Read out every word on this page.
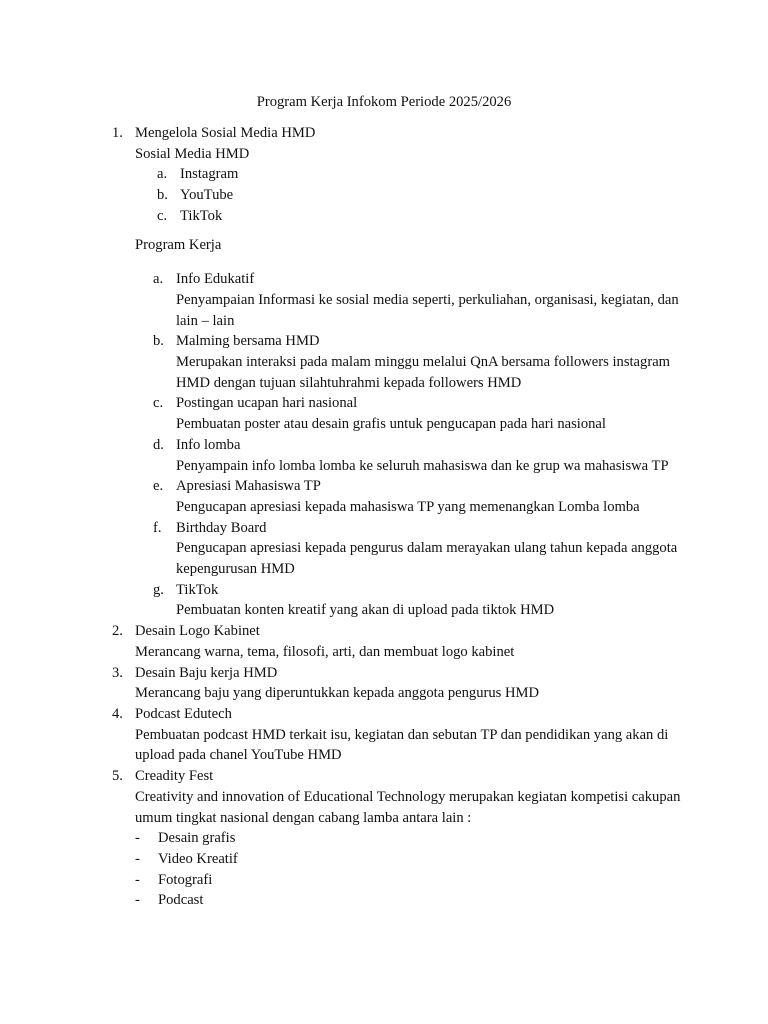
Program Kerja Infokom Periode 2025/2026
1. Mengelola Sosial Media HMD
Sosial Media HMD
a. Instagram
b. YouTube
c. TikTok
Program Kerja
a. Info Edukatif
Penyampaian Informasi ke sosial media seperti, perkuliahan, organisasi, kegiatan, dan lain – lain
b. Malming bersama HMD
Merupakan interaksi pada malam minggu melalui QnA bersama followers instagram HMD dengan tujuan silahtuhrahmi kepada followers HMD
c. Postingan ucapan hari nasional
Pembuatan poster atau desain grafis untuk pengucapan pada hari nasional
d. Info lomba
Penyampain info lomba lomba ke seluruh mahasiswa dan ke grup wa mahasiswa TP
e. Apresiasi Mahasiswa TP
Pengucapan apresiasi kepada mahasiswa TP yang memenangkan Lomba lomba
f. Birthday Board
Pengucapan apresiasi kepada pengurus dalam merayakan ulang tahun kepada anggota kepengurusan HMD
g. TikTok
Pembuatan konten kreatif yang akan di upload pada tiktok HMD
2. Desain Logo Kabinet
Merancang warna, tema, filosofi, arti, dan membuat logo kabinet
3. Desain Baju kerja HMD
Merancang baju yang diperuntukkan kepada anggota pengurus HMD
4. Podcast Edutech
Pembuatan podcast HMD terkait isu, kegiatan dan sebutan TP dan pendidikan yang akan di upload pada chanel YouTube HMD
5. Creadity Fest
Creativity and innovation of Educational Technology merupakan kegiatan kompetisi cakupan umum tingkat nasional dengan cabang lamba antara lain :
-	Desain grafis
-	Video Kreatif
-	Fotografi
-	Podcast
